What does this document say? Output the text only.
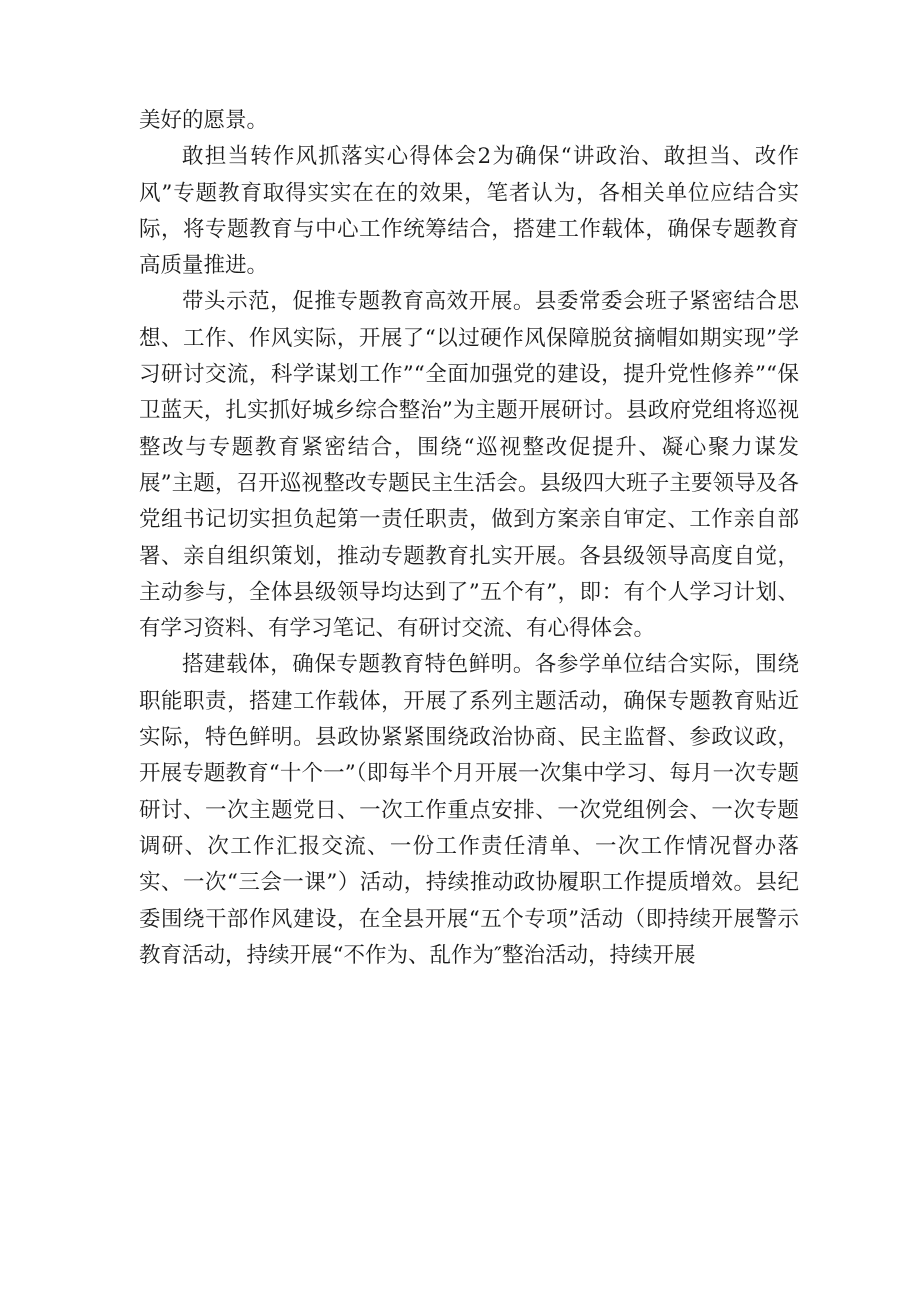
美好的愿景。

敢担当转作风抓落实心得体会2为确保“讲政治、敢担当、改作风”专题教育取得实实在在的效果，笔者认为，各相关单位应结合实际，将专题教育与中心工作统筹结合，搭建工作载体，确保专题教育高质量推进。

带头示范，促推专题教育高效开展。县委常委会班子紧密结合思想、工作、作风实际，开展了“以过硬作风保障脱贫摘帽如期实现”学习研讨交流，科学谋划工作”“全面加强党的建设，提升党性修养”“保卫蓝天，扎实抓好城乡综合整治”为主题开展研讨。县政府党组将巡视整改与专题教育紧密结合，围绕“巡视整改促提升、凝心聚力谋发展”主题，召开巡视整改专题民主生活会。县级四大班子主要领导及各党组书记切实担负起第一责任职责，做到方案亲自审定、工作亲自部署、亲自组织策划，推动专题教育扎实开展。各县级领导高度自觉，主动参与，全体县级领导均达到了”五个有”，即：有个人学习计划、有学习资料、有学习笔记、有研讨交流、有心得体会。

搭建载体，确保专题教育特色鲜明。各参学单位结合实际，围绕职能职责，搭建工作载体，开展了系列主题活动，确保专题教育贴近实际，特色鲜明。县政协紧紧围绕政治协商、民主监督、参政议政，开展专题教育“十个一”（即每半个月开展一次集中学习、每月一次专题研讨、一次主题党日、一次工作重点安排、一次党组例会、一次专题调研、次工作汇报交流、一份工作责任清单、一次工作情况督办落实、一次“三会一课”）活动，持续推动政协履职工作提质增效。县纪委围绕干部作风建设，在全县开展“五个专项”活动（即持续开展警示教育活动，持续开展“不作为、乱作为″整治活动，持续开展
